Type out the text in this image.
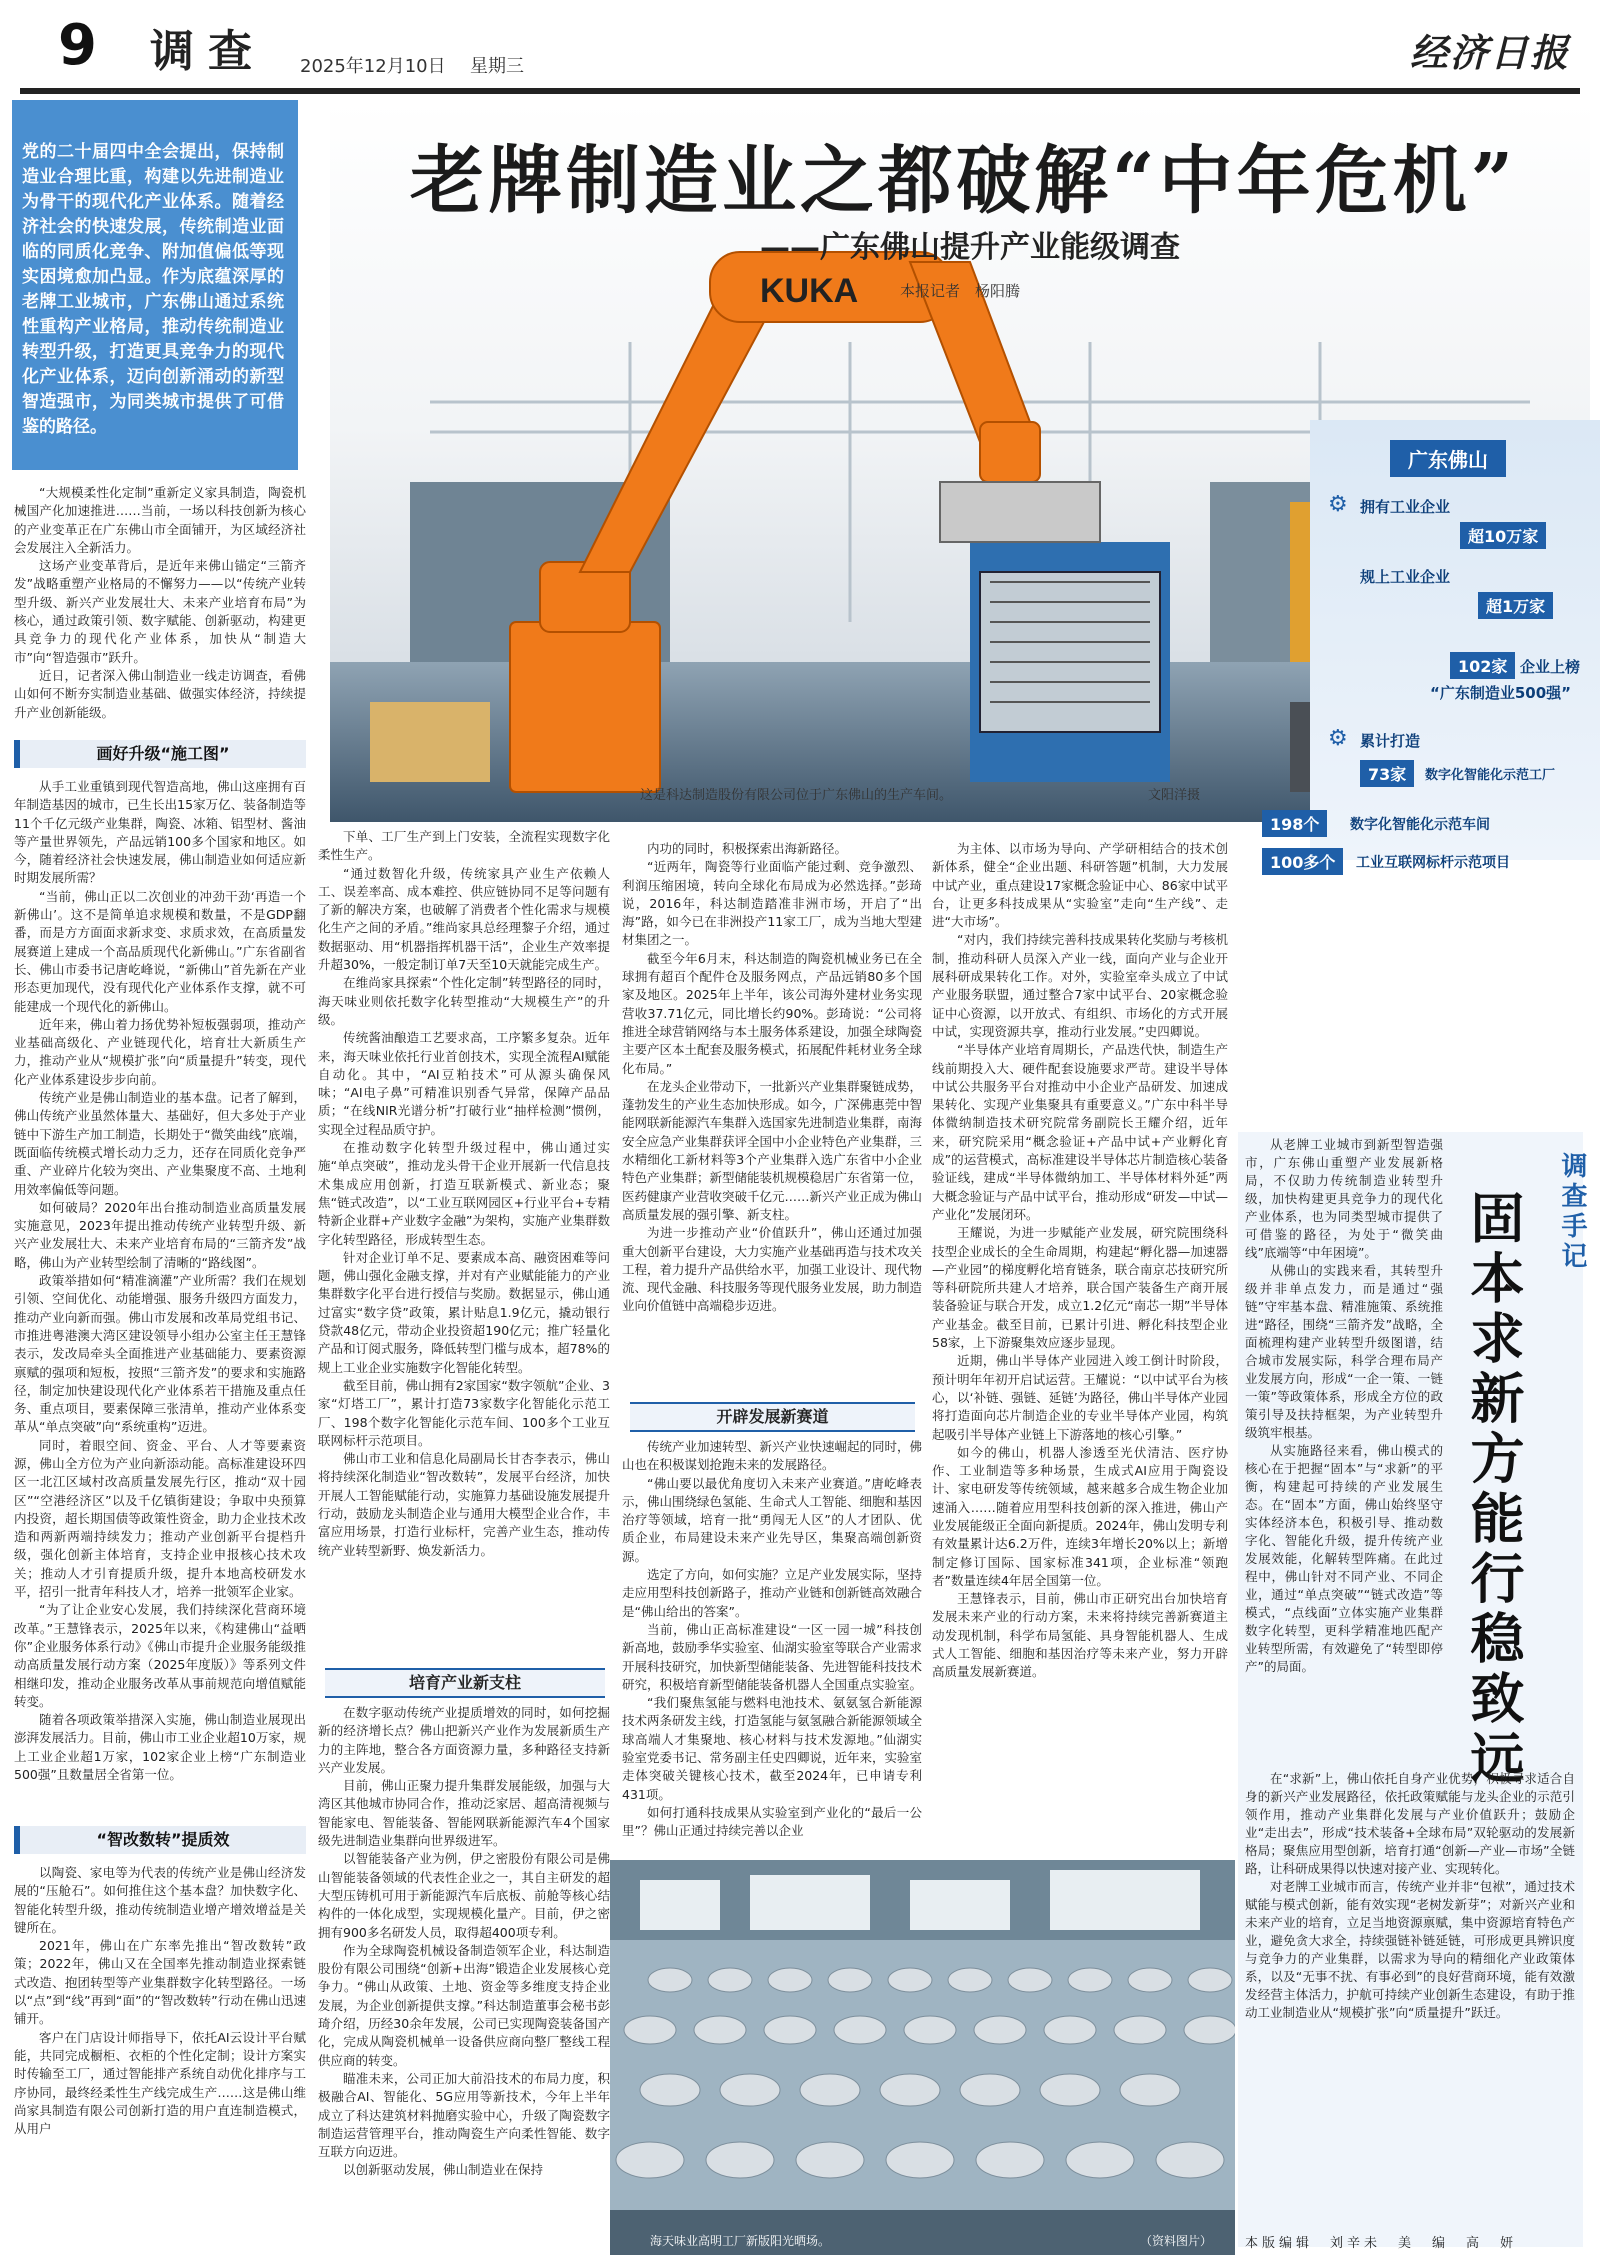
9 调查 2025年12月10日 星期三	经济日报
KUKA
这是科达制造股份有限公司位于广东佛山的生产车间。	文阳洋摄
老牌制造业之都破解“中年危机”
——广东佛山提升产业能级调查
本报记者　杨阳腾
党的二十届四中全会提出，保持制造业合理比重，构建以先进制造业为骨干的现代化产业体系。随着经济社会的快速发展，传统制造业面临的同质化竞争、附加值偏低等现实困境愈加凸显。作为底蕴深厚的老牌工业城市，广东佛山通过系统性重构产业格局，推动传统制造业转型升级，打造更具竞争力的现代化产业体系，迈向创新涌动的新型智造强市，为同类城市提供了可借鉴的路径。
广东佛山
⚙ 拥有工业企业
超10万家
规上工业企业
超1万家
102家 企业上榜
“广东制造业500强”
⚙ 累计打造
73家	数字化智能化示范工厂
198个	数字化智能化示范车间
100多个	工业互联网标杆示范项目

“大规模柔性化定制”重新定义家具制造，陶瓷机械国产化加速推进……当前，一场以科技创新为核心的产业变革正在广东佛山市全面铺开，为区域经济社会发展注入全新活力。

这场产业变革背后，是近年来佛山锚定“三箭齐发”战略重塑产业格局的不懈努力——以“传统产业转型升级、新兴产业发展壮大、未来产业培育布局”为核心，通过政策引领、数字赋能、创新驱动，构建更具竞争力的现代化产业体系，加快从“制造大市”向“智造强市”跃升。

近日，记者深入佛山制造业一线走访调查，看佛山如何不断夯实制造业基础、做强实体经济，持续提升产业创新能级。

画好升级“施工图”

从手工业重镇到现代智造高地，佛山这座拥有百年制造基因的城市，已生长出15家万亿、装备制造等11个千亿元级产业集群，陶瓷、冰箱、铝型材、酱油等产量世界领先，产品远销100多个国家和地区。如今，随着经济社会快速发展，佛山制造业如何适应新时期发展所需？

“当前，佛山正以二次创业的冲劲干劲‘再造一个新佛山’。这不是简单追求规模和数量，不是GDP翻番，而是方方面面求新求变、求质求效，在高质量发展赛道上建成一个高品质现代化新佛山。”广东省副省长、佛山市委书记唐屹峰说，“新佛山”首先新在产业形态更加现代，没有现代化产业体系作支撑，就不可能建成一个现代化的新佛山。

近年来，佛山着力扬优势补短板强弱项，推动产业基础高级化、产业链现代化，培育壮大新质生产力，推动产业从“规模扩张”向“质量提升”转变，现代化产业体系建设步步向前。

传统产业是佛山制造业的基本盘。记者了解到，佛山传统产业虽然体量大、基础好，但大多处于产业链中下游生产加工制造，长期处于“微笑曲线”底端，既面临传统模式增长动力乏力，还存在同质化竞争严重、产业碎片化较为突出、产业集聚度不高、土地利用效率偏低等问题。

如何破局？2020年出台推动制造业高质量发展实施意见，2023年提出推动传统产业转型升级、新兴产业发展壮大、未来产业培育布局的“三箭齐发”战略，佛山为产业转型绘制了清晰的“路线图”。

政策举措如何“精准滴灌”产业所需？我们在规划引领、空间优化、动能增强、服务升级四方面发力，推动产业向新而强。佛山市发展和改革局党组书记、市推进粤港澳大湾区建设领导小组办公室主任王慧锋表示，发改局牵头全面推进产业基础能力、要素资源禀赋的强项和短板，按照“三箭齐发”的要求和实施路径，制定加快建设现代化产业体系若干措施及重点任务、重点项目，要素保障三张清单，推动产业体系变革从“单点突破”向“系统重构”迈进。

同时，着眼空间、资金、平台、人才等要素资源，佛山全方位为产业向新添动能。高标准建设环四区一北江区域村改高质量发展先行区，推动“双十园区”“空港经济区”以及千亿镇街建设；争取中央预算内投资，超长期国债等政策性资金，助力企业技术改造和两新两端持续发力；推动产业创新平台提档升级，强化创新主体培育，支持企业申报核心技术攻关；推动人才引育提质升级，提升本地高校研发水平，招引一批青年科技人才，培养一批领军企业家。

“为了让企业安心发展，我们持续深化营商环境改革。”王慧锋表示，2025年以来，《构建佛山“益晒你”企业服务体系行动》《佛山市提升企业服务能级推动高质量发展行动方案（2025年度版）》等系列文件相继印发，推动企业服务改革从事前规范向增值赋能转变。

随着各项政策举措深入实施，佛山制造业展现出澎湃发展活力。目前，佛山市工业企业超10万家，规上工业企业超1万家，102家企业上榜“广东制造业500强”且数量居全省第一位。

“智改数转”提质效

以陶瓷、家电等为代表的传统产业是佛山经济发展的“压舱石”。如何推住这个基本盘？加快数字化、智能化转型升级，推动传统制造业增产增效增益是关键所在。

2021年，佛山在广东率先推出“智改数转”政策；2022年，佛山又在全国率先推动制造业探索链式改造、抱团转型等产业集群数字化转型路径。一场以“点”到“线”再到“面”的“智改数转”行动在佛山迅速铺开。

客户在门店设计师指导下，依托AI云设计平台赋能，共同完成橱柜、衣柜的个性化定制；设计方案实时传输至工厂，通过智能排产系统自动优化排序与工序协同，最终经柔性生产线完成生产……这是佛山维尚家具制造有限公司创新打造的用户直连制造模式，从用户

下单、工厂生产到上门安装，全流程实现数字化柔性生产。

“通过数智化升级，传统家具产业生产依赖人工、误差率高、成本难控、供应链协同不足等问题有了新的解决方案，也破解了消费者个性化需求与规模化生产之间的矛盾。”维尚家具总经理黎子介绍，通过数据驱动、用“机器指挥机器干活”，企业生产效率提升超30%，一般定制订单7天至10天就能完成生产。

在维尚家具探索“个性化定制”转型路径的同时，海天味业则依托数字化转型推动“大规模生产”的升级。

传统酱油酿造工艺要求高，工序繁多复杂。近年来，海天味业依托行业首创技术，实现全流程AI赋能自动化。其中，“AI豆粕技术”可从源头确保风味；“AI电子鼻”可精准识别香气异常，保障产品品质；“在线NIR光谱分析”打破行业“抽样检测”惯例，实现全过程品质守护。

在推动数字化转型升级过程中，佛山通过实施“单点突破”，推动龙头骨干企业开展新一代信息技术集成应用创新，打造互联新模式、新业态；聚焦“链式改造”，以“工业互联网园区+行业平台+专精特新企业群+产业数字金融”为架构，实施产业集群数字化转型路径，形成转型生态。

针对企业订单不足、要素成本高、融资困难等问题，佛山强化金融支撑，并对有产业赋能能力的产业集群数字化平台进行授信与奖励。数据显示，佛山通过富实“数字贷”政策，累计贴息1.9亿元，撬动银行贷款48亿元，带动企业投资超190亿元；推广轻量化产品和订阅式服务，降低转型门槛与成本，超78%的规上工业企业实施数字化智能化转型。

截至目前，佛山拥有2家国家“数字领航”企业、3家“灯塔工厂”，累计打造73家数字化智能化示范工厂、198个数字化智能化示范车间、100多个工业互联网标杆示范项目。

佛山市工业和信息化局副局长甘杏李表示，佛山将持续深化制造业“智改数转”，发展平台经济，加快开展人工智能赋能行动，实施算力基础设施发展提升行动，鼓励龙头制造企业与通用大模型企业合作，丰富应用场景，打造行业标杆，完善产业生态，推动传统产业转型新野、焕发新活力。

培育产业新支柱

在数字驱动传统产业提质增效的同时，如何挖掘新的经济增长点？佛山把新兴产业作为发展新质生产力的主阵地，整合各方面资源力量，多种路径支持新兴产业发展。

目前，佛山正聚力提升集群发展能级，加强与大湾区其他城市协同合作，推动泛家居、超高清视频与智能家电、智能装备、智能网联新能源汽车4个国家级先进制造业集群向世界级进军。

以智能装备产业为例，伊之密股份有限公司是佛山智能装备领域的代表性企业之一，其自主研发的超大型压铸机可用于新能源汽车后底板、前舱等核心结构件的一体化成型，实现规模化量产。目前，伊之密拥有900多名研发人员，取得超400项专利。

作为全球陶瓷机械设备制造领军企业，科达制造股份有限公司围绕“创新+出海”锻造企业发展核心竞争力。“佛山从政策、土地、资金等多维度支持企业发展，为企业创新提供支撑。”科达制造董事会秘书彭琦介绍，历经30余年发展，公司已实现陶瓷装备国产化，完成从陶瓷机械单一设备供应商向整厂整线工程供应商的转变。

瞄准未来，公司正加大前沿技术的布局力度，积极融合AI、智能化、5G应用等新技术，今年上半年成立了科达建筑材料抛磨实验中心，升级了陶瓷数字制造运营管理平台，推动陶瓷生产向柔性智能、数字互联方向迈进。

以创新驱动发展，佛山制造业在保持

内功的同时，积极探索出海新路径。

“近两年，陶瓷等行业面临产能过剩、竞争激烈、利润压缩困境，转向全球化布局成为必然选择。”彭琦说，2016年，科达制造踏准非洲市场，开启了“出海”路，如今已在非洲投产11家工厂，成为当地大型建材集团之一。

截至今年6月末，科达制造的陶瓷机械业务已在全球拥有超百个配件仓及服务网点，产品远销80多个国家及地区。2025年上半年，该公司海外建材业务实现营收37.71亿元，同比增长约90%。彭琦说：“公司将推进全球营销网络与本土服务体系建设，加强全球陶瓷主要产区本土配套及服务模式，拓展配件耗材业务全球化布局。”

在龙头企业带动下，一批新兴产业集群聚链成势，蓬勃发生的产业生态加快形成。如今，广深佛惠莞中智能网联新能源汽车集群入选国家先进制造业集群，南海安全应急产业集群获评全国中小企业特色产业集群，三水精细化工新材料等3个产业集群入选广东省中小企业特色产业集群；新型储能装机规模稳居广东省第一位，医药健康产业营收突破千亿元……新兴产业正成为佛山高质量发展的强引擎、新支柱。

为进一步推动产业“价值跃升”，佛山还通过加强重大创新平台建设，大力实施产业基础再造与技术攻关工程，着力提升产品供给水平，加强工业设计、现代物流、现代金融、科技服务等现代服务业发展，助力制造业向价值链中高端稳步迈进。

开辟发展新赛道

传统产业加速转型、新兴产业快速崛起的同时，佛山也在积极谋划抢跑未来的发展路径。

“佛山要以最优角度切入未来产业赛道。”唐屹峰表示，佛山围绕绿色氢能、生命式人工智能、细胞和基因治疗等领域，培育一批“勇闯无人区”的人才团队、优质企业，布局建设未来产业先导区，集聚高端创新资源。

选定了方向，如何实施？立足产业发展实际，坚持走应用型科技创新路子，推动产业链和创新链高效融合是“佛山给出的答案”。

当前，佛山正高标准建设“一区一园一城”科技创新高地，鼓励季华实验室、仙湖实验室等联合产业需求开展科技研究，加快新型储能装备、先进智能科技技术研究，积极培育新型储能装备机器人全国重点实验室。

“我们聚焦氢能与燃料电池技术、氨氨氢合新能源技术两条研发主线，打造氢能与氨氢融合新能源领域全球高端人才集聚地、核心材料与技术发源地。”仙湖实验室党委书记、常务副主任史四卿说，近年来，实验室走体突破关键核心技术，截至2024年，已申请专利431项。

如何打通科技成果从实验室到产业化的“最后一公里”？佛山正通过持续完善以企业

为主体、以市场为导向、产学研相结合的技术创新体系，健全“企业出题、科研答题”机制，大力发展中试产业，重点建设17家概念验证中心、86家中试平台，让更多科技成果从“实验室”走向“生产线”、走进“大市场”。

“对内，我们持续完善科技成果转化奖励与考核机制，推动科研人员深入产业一线，面向产业与企业开展科研成果转化工作。对外，实验室牵头成立了中试产业服务联盟，通过整合7家中试平台、20家概念验证中心资源，以开放式、有组织、市场化的方式开展中试，实现资源共享，推动行业发展。”史四卿说。

“半导体产业培育周期长，产品迭代快，制造生产线前期投入大、硬件配套设施要求严苛。建设半导体中试公共服务平台对推动中小企业产品研发、加速成果转化、实现产业集聚具有重要意义。”广东中科半导体微纳制造技术研究院常务副院长王耀介绍，近年来，研究院采用“概念验证+产品中试+产业孵化育成”的运营模式，高标准建设半导体芯片制造核心装备验证线，建成“半导体微纳加工、半导体材料外延”两大概念验证与产品中试平台，推动形成“研发—中试—产业化”发展闭环。

王耀说，为进一步赋能产业发展，研究院围绕科技型企业成长的全生命周期，构建起“孵化器—加速器—产业园”的梯度孵化培育链条，联合南京芯技研究所等科研院所共建人才培养，联合国产装备生产商开展装备验证与联合开发，成立1.2亿元“南芯一期”半导体产业基金。截至目前，已累计引进、孵化科技型企业58家，上下游聚集效应逐步显现。

近期，佛山半导体产业园进入竣工倒计时阶段，预计明年年初开启试运营。王耀说：“以中试平台为核心，以‘补链、强链、延链’为路径，佛山半导体产业园将打造面向芯片制造企业的专业半导体产业园，构筑起吸引半导体产业链上下游落地的核心引擎。”

如今的佛山，机器人渗透至光伏清洁、医疗协作、工业制造等多种场景，生成式AI应用于陶瓷设计、家电研发等传统领域，越来越多合成生物企业加速涌入……随着应用型科技创新的深入推进，佛山产业发展能级正全面向新提质。2024年，佛山发明专利有效量累计达6.2万件，连续3年增长20%以上；新增制定修订国际、国家标准341项，企业标准“领跑者”数量连续4年居全国第一位。

王慧锋表示，目前，佛山市正研究出台加快培育发展未来产业的行动方案，未来将持续完善新赛道主动发现机制，科学布局氢能、具身智能机器人、生成式人工智能、细胞和基因治疗等未来产业，努力开辟高质量发展新赛道。

海天味业高明工厂新版阳光晒场。	（资料图片）
调查手记
固本求新方能行稳致远

从老牌工业城市到新型智造强市，广东佛山重塑产业发展新格局，不仅助力传统制造业转型升级，加快构建更具竞争力的现代化产业体系，也为同类型城市提供了可借鉴的路径，为处于“微笑曲线”底端等“中年困境”。

从佛山的实践来看，其转型升级并非单点发力，而是通过“强链”守牢基本盘、精准施策、系统推进“路径，围绕“三箭齐发”战略，全面梳理构建产业转型升级图谱，结合城市发展实际，科学合理布局产业发展方向，形成“一企一策、一链一策”等政策体系，形成全方位的政策引导及扶持框架，为产业转型升级筑牢根基。

从实施路径来看，佛山模式的核心在于把握“固本”与“求新”的平衡，构建起可持续的产业发展生态。在“固本”方面，佛山始终坚守实体经济本色，积极引导、推动数字化、智能化升级，提升传统产业发展效能，化解转型阵痛。在此过程中，佛山针对不同产业、不同企业，通过“单点突破”“链式改造”等模式，“点线面”立体实施产业集群数字化转型，更科学精准地匹配产业转型所需，有效避免了“转型即停产”的局面。

在“求新”上，佛山依托自身产业优势，积极寻求适合自身的新兴产业发展路径，依托政策赋能与龙头企业的示范引领作用，推动产业集群化发展与产业价值跃升；鼓励企业“走出去”，形成“技术装备+全球布局”双轮驱动的发展新格局；聚焦应用型创新，培育打通“创新—产业—市场”全链路，让科研成果得以快速对接产业、实现转化。

对老牌工业城市而言，传统产业并非“包袱”，通过技术赋能与模式创新，能有效实现“老树发新芽”；对新兴产业和未来产业的培育，立足当地资源禀赋，集中资源培育特色产业，避免贪大求全，持续强链补链延链，可形成更具辨识度与竞争力的产业集群，以需求为导向的精细化产业政策体系，以及“无事不扰、有事必到”的良好营商环境，能有效激发经营主体活力，护航可持续产业创新生态建设，有助于推动工业制造业从“规模扩张”向“质量提升”跃迁。

本版编辑　刘辛未　美　编　高　妍
